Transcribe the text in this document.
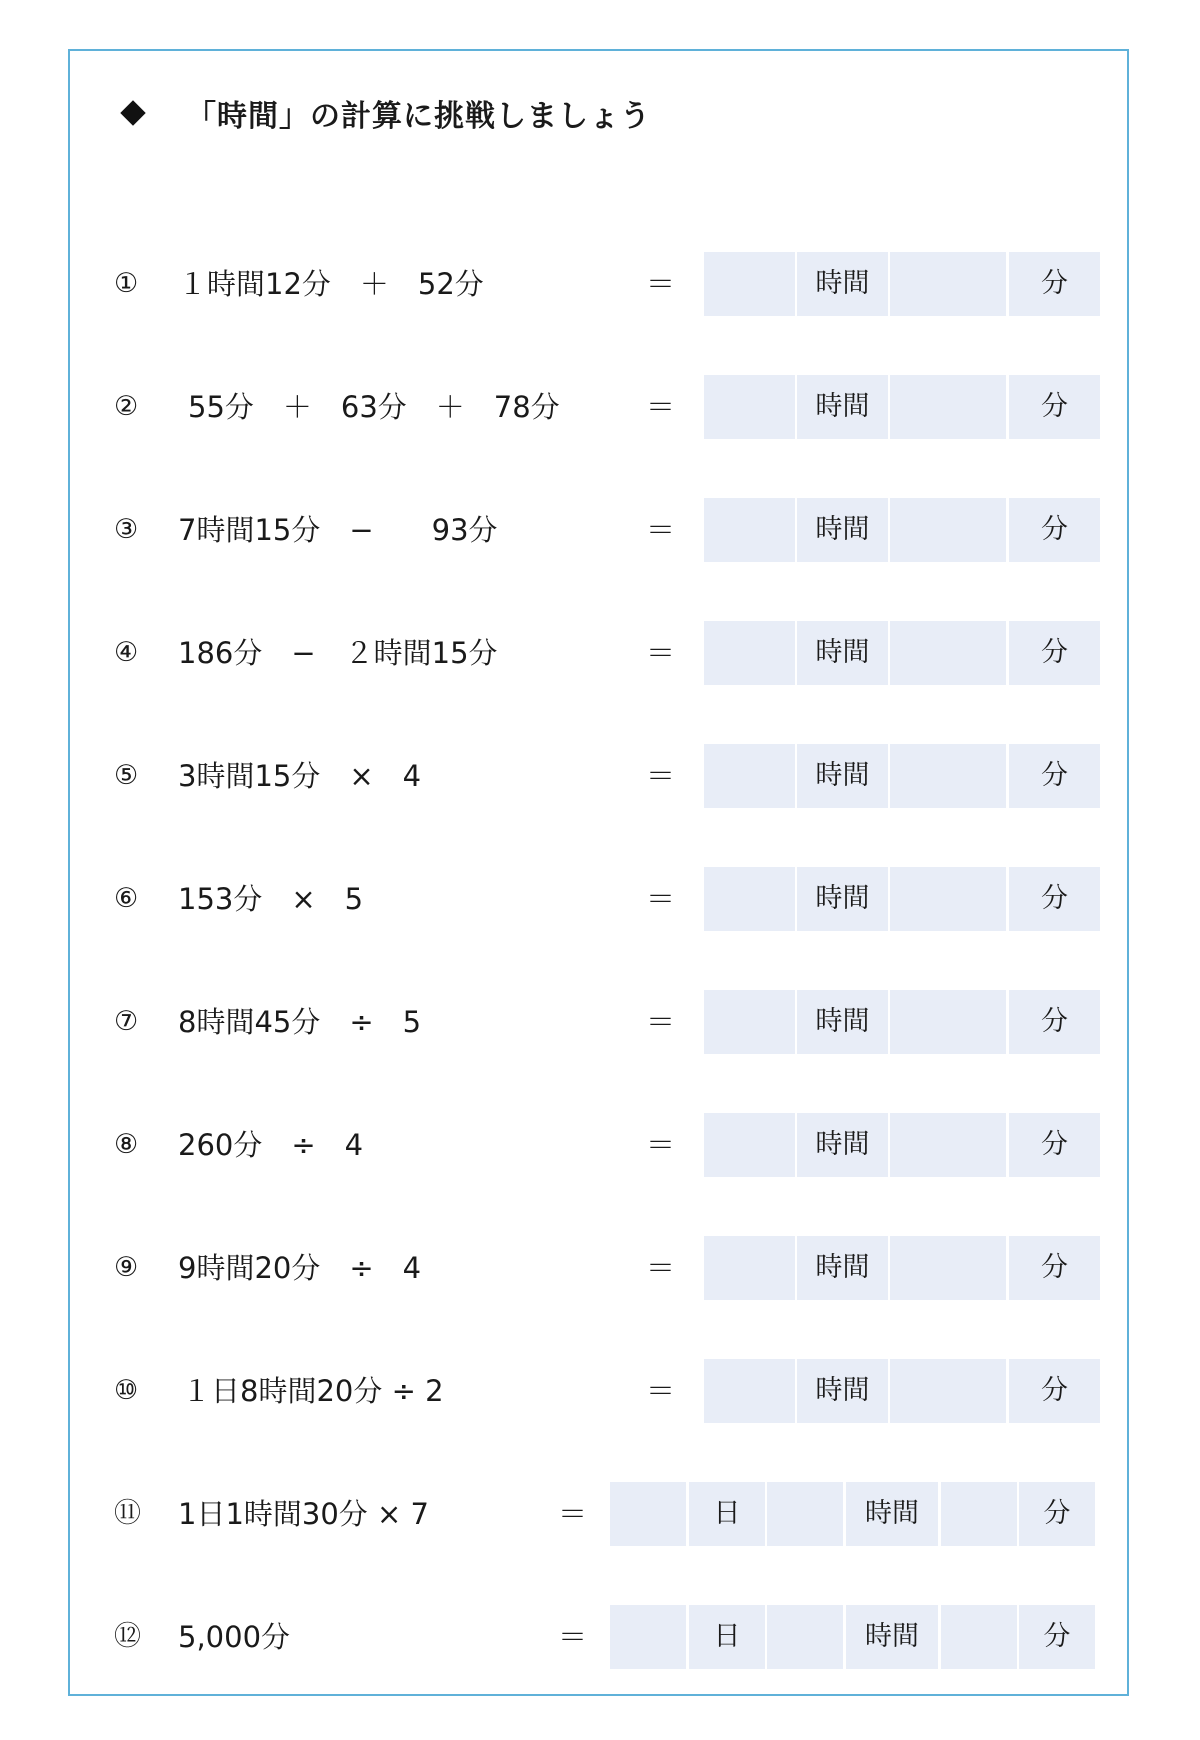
「時間」の計算に挑戦しましょう
① １時間12分　＋　52分	＝	時間	分
② 55分　＋　63分　＋　78分	＝	時間	分
③ 7時間15分　−　　93分	＝	時間	分
④ 186分　−　２時間15分	＝	時間	分
⑤ 3時間15分　×　4	＝	時間	分
⑥ 153分　×　5	＝	時間	分
⑦ 8時間45分　÷　5	＝	時間	分
⑧ 260分　÷　4	＝	時間	分
⑨ 9時間20分　÷　4	＝	時間	分
⑩ １日8時間20分 ÷ 2	＝	時間	分
⑪ 1日1時間30分 × 7	＝	日	時間	分
⑫ 5,000分	＝	日	時間	分
